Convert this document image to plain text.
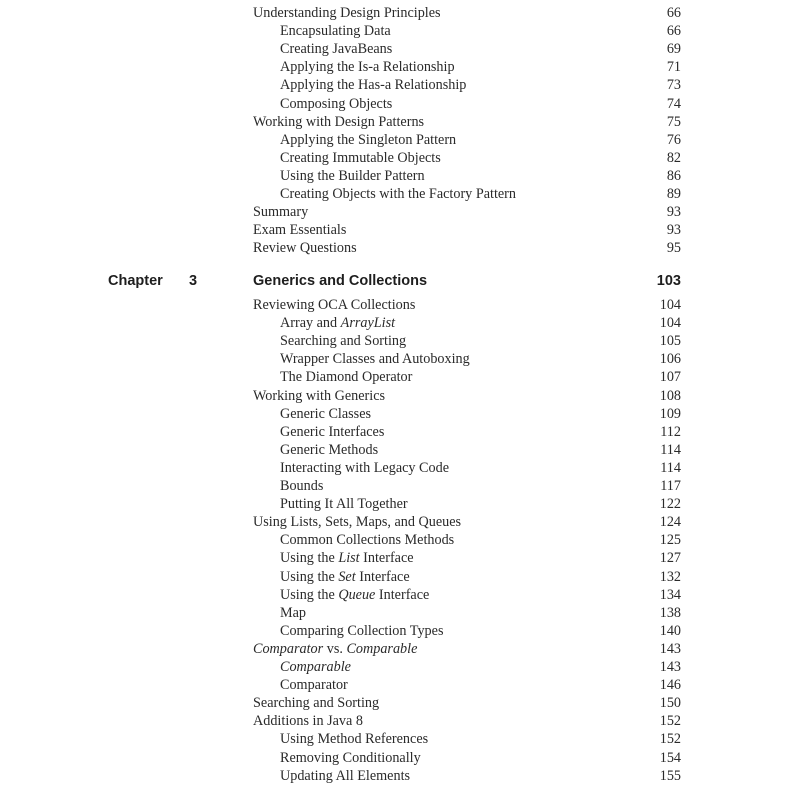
Understanding Design Principles	66
Encapsulating Data	66
Creating JavaBeans	69
Applying the Is-a Relationship	71
Applying the Has-a Relationship	73
Composing Objects	74
Working with Design Patterns	75
Applying the Singleton Pattern	76
Creating Immutable Objects	82
Using the Builder Pattern	86
Creating Objects with the Factory Pattern	89
Summary	93
Exam Essentials	93
Review Questions	95
Chapter 3	Generics and Collections	103
Reviewing OCA Collections	104
Array and ArrayList	104
Searching and Sorting	105
Wrapper Classes and Autoboxing	106
The Diamond Operator	107
Working with Generics	108
Generic Classes	109
Generic Interfaces	112
Generic Methods	114
Interacting with Legacy Code	114
Bounds	117
Putting It All Together	122
Using Lists, Sets, Maps, and Queues	124
Common Collections Methods	125
Using the List Interface	127
Using the Set Interface	132
Using the Queue Interface	134
Map	138
Comparing Collection Types	140
Comparator vs. Comparable	143
Comparable	143
Comparator	146
Searching and Sorting	150
Additions in Java 8	152
Using Method References	152
Removing Conditionally	154
Updating All Elements	155
